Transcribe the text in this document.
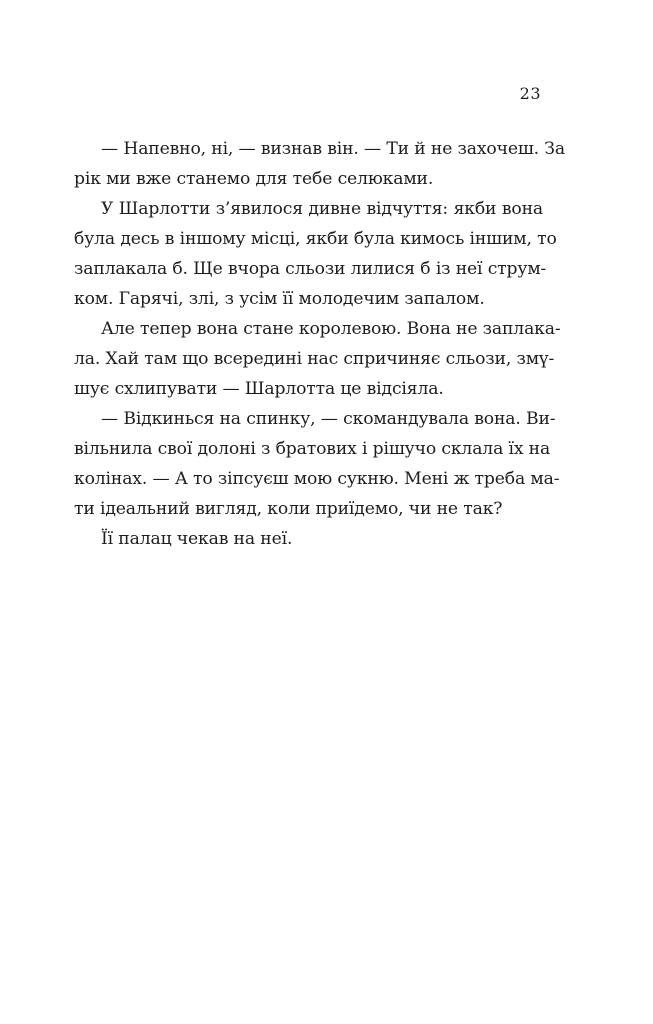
23
— Напевно, ні, — визнав він. — Ти й не захочеш. За
рік ми вже станемо для тебе селюками.
У Шарлотти з’явилося дивне відчуття: якби вона
була десь в іншому місці, якби була кимось іншим, то
заплакала б. Ще вчора сльози лилися б із неї струм-
ком. Гарячі, злі, з усім її молодечим запалом.
Але тепер вона стане королевою. Вона не заплака-
ла. Хай там що всередині нас спричиняє сльози, змү-
шує схлипувати — Шарлотта це відсіяла.
— Відкинься на спинку, — скомандувала вона. Ви-
вільнила свої долоні з братових і рішучо склала їх на
колінах. — А то зіпсуєш мою сукню. Мені ж треба ма-
ти ідеальний вигляд, коли приїдемо, чи не так?
Її палац чекав на неї.
